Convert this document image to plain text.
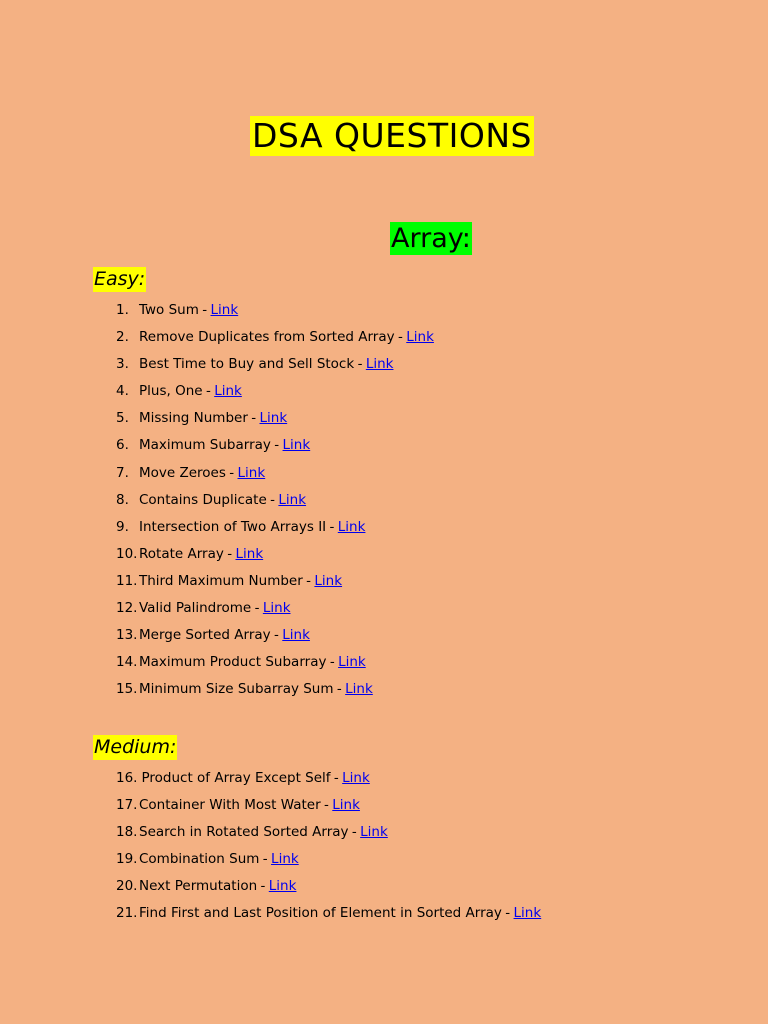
DSA QUESTIONS
Array:
Easy:
1. Two Sum - Link
2. Remove Duplicates from Sorted Array - Link
3. Best Time to Buy and Sell Stock - Link
4. Plus, One - Link
5. Missing Number - Link
6. Maximum Subarray - Link
7. Move Zeroes - Link
8. Contains Duplicate - Link
9. Intersection of Two Arrays II - Link
10. Rotate Array - Link
11. Third Maximum Number - Link
12. Valid Palindrome - Link
13. Merge Sorted Array - Link
14. Maximum Product Subarray - Link
15. Minimum Size Subarray Sum - Link
Medium:
16. Product of Array Except Self - Link
17. Container With Most Water - Link
18. Search in Rotated Sorted Array - Link
19. Combination Sum - Link
20. Next Permutation - Link
21. Find First and Last Position of Element in Sorted Array - Link
